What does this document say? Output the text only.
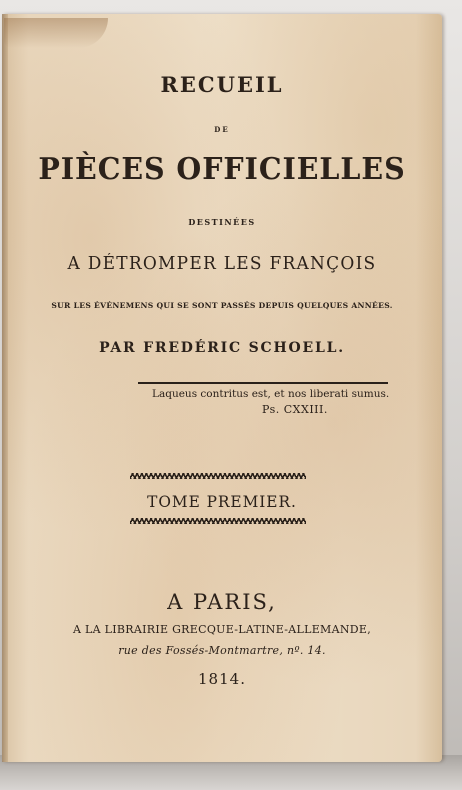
RECUEIL
DE
PIÈCES OFFICIELLES
DESTINÉES
A DÉTROMPER LES FRANÇOIS
SUR LES ÉVÉNEMENS QUI SE SONT PASSÉS DEPUIS QUELQUES ANNÉES.
PAR FREDÉRIC SCHOELL.
Laqueus contritus est, et nos liberati sumus.
Ps. CXXIII.
TOME PREMIER.
A PARIS,
A LA LIBRAIRIE GRECQUE-LATINE-ALLEMANDE,
rue des Fossés-Montmartre, nº. 14.
1814.
